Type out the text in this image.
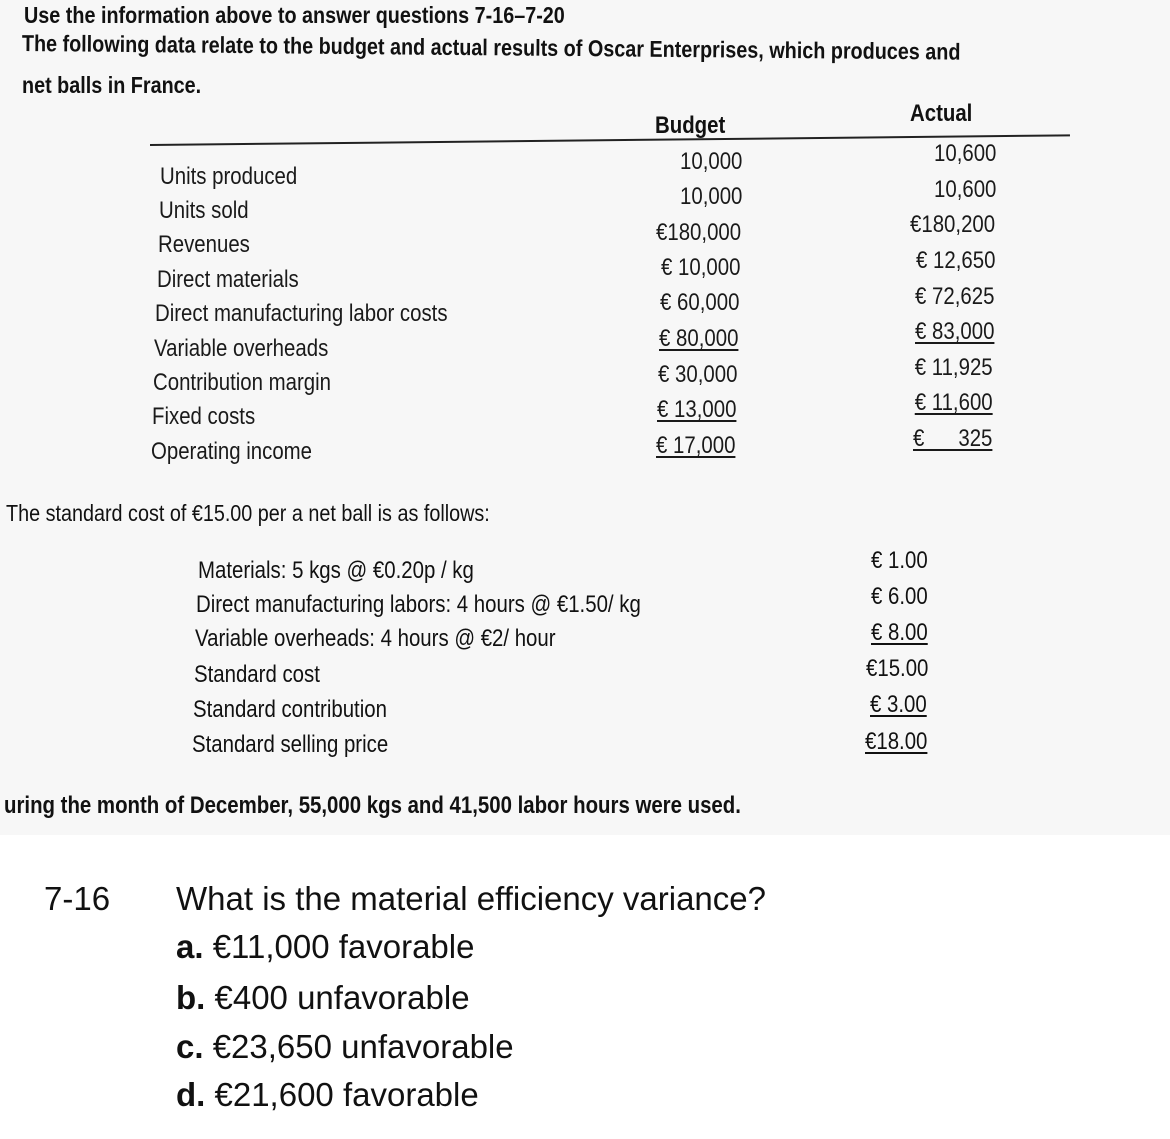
Use the information above to answer questions 7-16–7-20
The following data relate to the budget and actual results of Oscar Enterprises, which produces and
net balls in France.
Budget	Actual
Units produced
Units sold
Revenues
Direct materials
Direct manufacturing labor costs
Variable overheads
Contribution margin
Fixed costs
Operating income
10,000
10,000
€180,000
€ 10,000
€ 60,000
€ 80,000
€ 30,000
€ 13,000
€ 17,000
10,600
10,600
€180,200
€ 12,650
€ 72,625
€ 83,000
€ 11,925
€ 11,600
€      325
The standard cost of €15.00 per a net ball is as follows:
Materials: 5 kgs @ €0.20p / kg
Direct manufacturing labors: 4 hours @ €1.50/ kg
Variable overheads: 4 hours @ €2/ hour
Standard cost
Standard contribution
Standard selling price
€ 1.00
€ 6.00
€ 8.00
€15.00
€ 3.00
€18.00
uring the month of December, 55,000 kgs and 41,500 labor hours were used.
7-16 What is the material efficiency variance?
a. €11,000 favorable
b. €400 unfavorable
c. €23,650 unfavorable
d. €21,600 favorable
